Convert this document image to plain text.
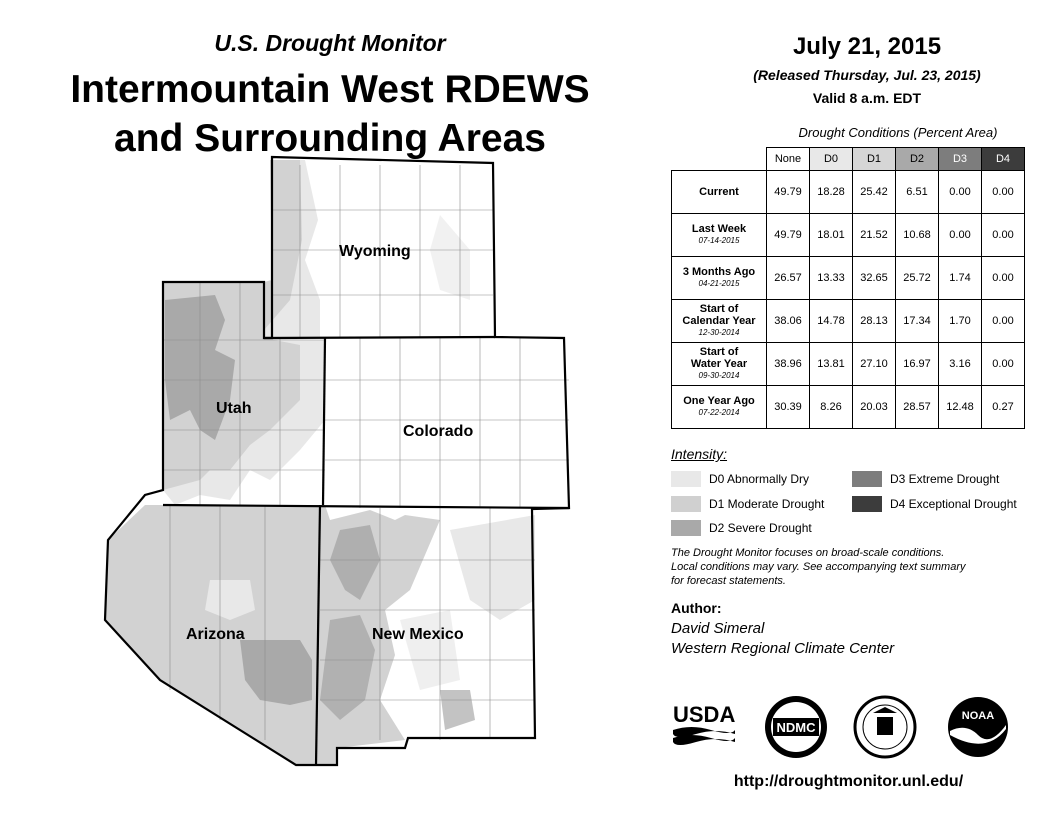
U.S. Drought Monitor
Intermountain West RDEWS
and Surrounding Areas
Wyoming
Utah
Colorado
Arizona	New Mexico
July 21, 2015
(Released Thursday, Jul. 23, 2015)
Valid 8 a.m. EDT
Drought Conditions (Percent Area)
	None	D0	D1	D2	D3	D4
Current	49.79	18.28	25.42	6.51	0.00	0.00
Last Week
07-14-2015	49.79	18.01	21.52	10.68	0.00	0.00
3 Months Ago
04-21-2015	26.57	13.33	32.65	25.72	1.74	0.00
Start of
Calendar Year
12-30-2014	38.06	14.78	28.13	17.34	1.70	0.00
Start of
Water Year
09-30-2014	38.96	13.81	27.10	16.97	3.16	0.00
One Year Ago
07-22-2014	30.39	8.26	20.03	28.57	12.48	0.27
Intensity:
D0 Abnormally Dry
D1 Moderate Drought
D2 Severe Drought
D3 Extreme Drought
D4 Exceptional Drought
The Drought Monitor focuses on broad-scale conditions.
Local conditions may vary. See accompanying text summary
for forecast statements.
Author:
David Simeral
Western Regional Climate Center
USDA
NDMC
NOAA
http://droughtmonitor.unl.edu/
